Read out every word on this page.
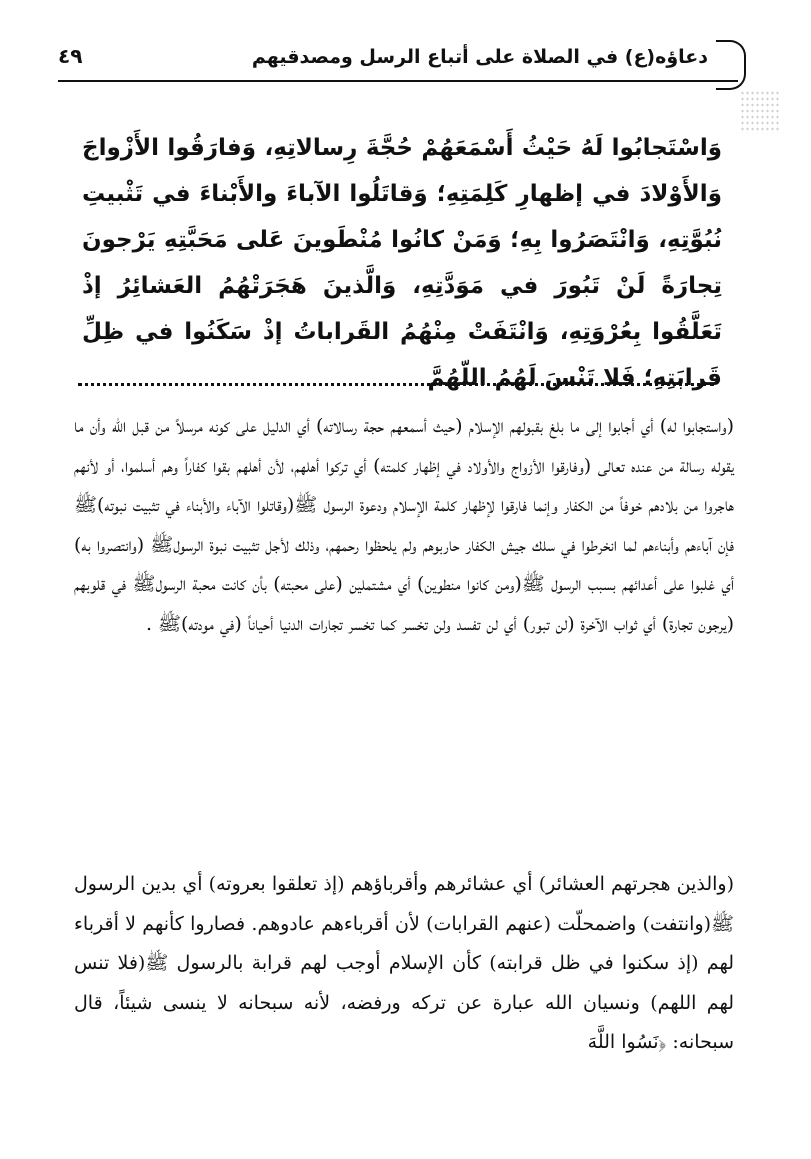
دعاؤه(ع) في الصلاة على أتباع الرسل ومصدقيهم
٤٩
وَاسْتَجابُوا لَهُ حَيْثُ أَسْمَعَهُمْ حُجَّةَ رِسالاتِهِ، وَفارَقُوا الأَزْواجَ وَالأَوْلادَ في إظهارِ كَلِمَتِهِ؛ وَقاتَلُوا الآباءَ والأَبْناءَ في تَثْبيتِ نُبُوَّتِهِ، وَانْتَصَرُوا بِهِ؛ وَمَنْ كانُوا مُنْطَوينَ عَلى مَحَبَّتِهِ يَرْجونَ تِجارَةً لَنْ تَبُورَ في مَوَدَّتِهِ، وَالَّذينَ هَجَرَتْهُمُ العَشائِرُ إذْ تَعَلَّقُوا بِعُرْوَتِهِ، وَانْتَفَتْ مِنْهُمُ القَراباتُ إذْ سَكَنُوا في ظِلِّ قَرابَتِهِ؛ فَلا تَنْسَ لَهُمُ اللّهُمَّ

(واستجابوا له) أي أجابوا إلى ما بلغ بقبولهم الإسلام (حيث أسمعهم حجة رسالاته) أي الدليل على كونه مرسلاً من قبل الله وأن ما يقوله رسالة من عنده تعالى (وفارقوا الأزواج والأولاد في إظهار كلمته) أي تركوا أهلهم، لأن أهلهم بقوا كفاراً وهم أسلموا، أو لأنهم هاجروا من بلادهم خوفاً من الكفار وإنما فارقوا لإظهار كلمة الإسلام ودعوة الرسول ﷺ(وقاتلوا الآباء والأبناء في تثبيت نبوته)ﷺ فإن آباءهم وأبناءهم لما انخرطوا في سلك جيش الكفار حاربوهم ولم يلحظوا رحمهم، وذلك لأجل تثبيت نبوة الرسولﷺ (وانتصروا به) أي غلبوا على أعدائهم بسبب الرسول ﷺ(ومن كانوا منطوين) أي مشتملين (على محبته) بأن كانت محبة الرسولﷺ في قلوبهم (يرجون تجارة) أي ثواب الآخرة (لن تبور) أي لن تفسد ولن تخسر كما تخسر تجارات الدنيا أحياناً (في مودته)ﷺ .

(والذين هجرتهم العشائر) أي عشائرهم وأقرباؤهم (إذ تعلقوا بعروته) أي بدين الرسول ﷺ(وانتفت) واضمحلّت (عنهم القرابات) لأن أقرباءهم عادوهم. فصاروا كأنهم لا أقرباء لهم (إذ سكنوا في ظل قرابته) كأن الإسلام أوجب لهم قرابة بالرسول ﷺ(فلا تنس لهم اللهم) ونسيان الله عبارة عن تركه ورفضه، لأنه سبحانه لا ينسى شيئاً، قال سبحانه: ﴿نَسُوا اللَّهَ
